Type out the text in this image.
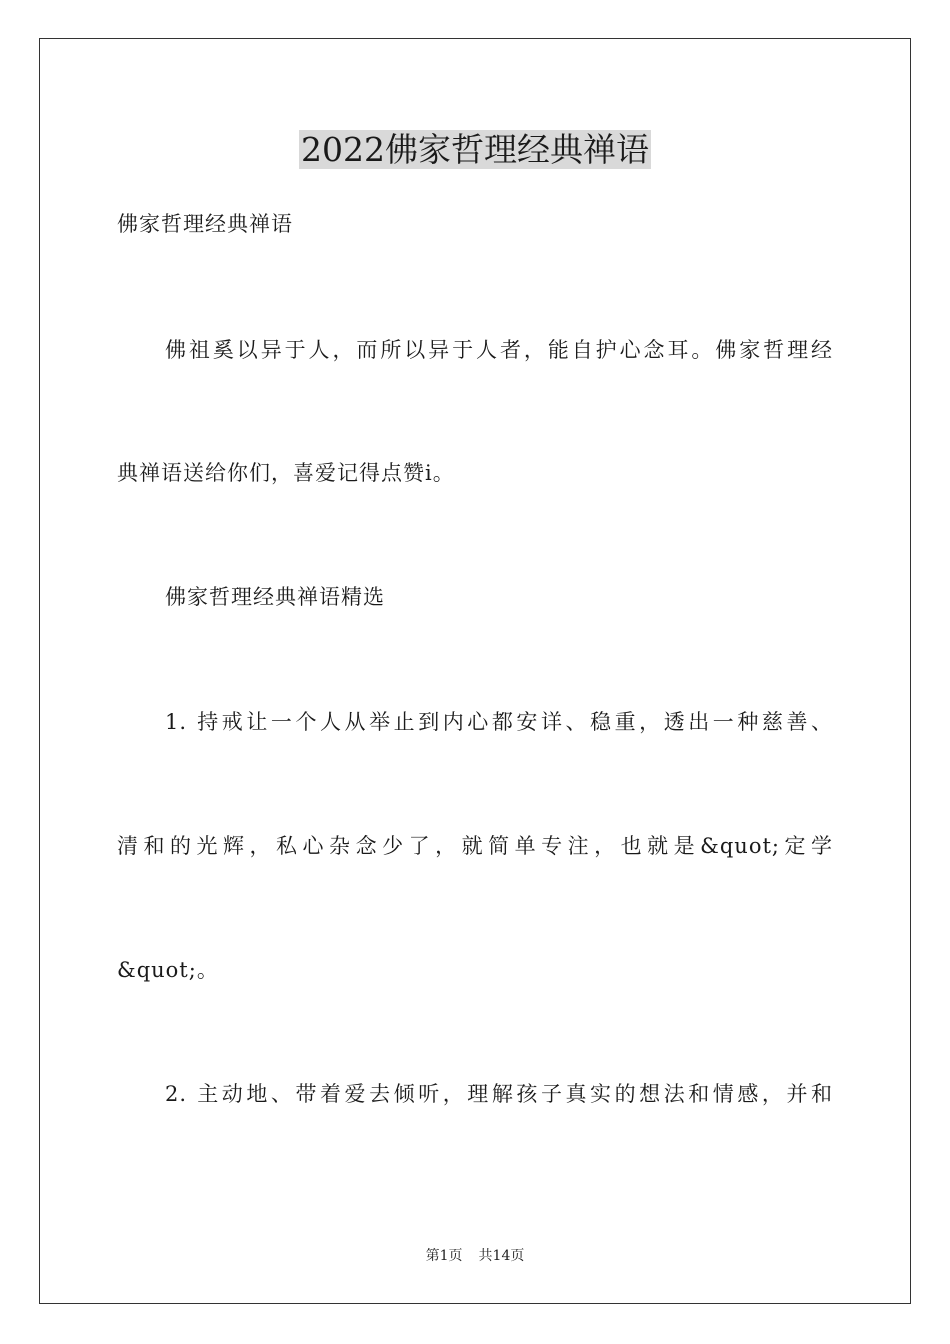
2022佛家哲理经典禅语

佛家哲理经典禅语

佛祖奚以异于人，而所以异于人者，能自护心念耳。佛家哲理经

典禅语送给你们，喜爱记得点赞i。

佛家哲理经典禅语精选

1. 持戒让一个人从举止到内心都安详、稳重，透出一种慈善、

清和的光辉，私心杂念少了，就简单专注，也就是&quot;定学

&quot;。

2. 主动地、带着爱去倾听，理解孩子真实的想法和情感，并和

第1页 共14页
